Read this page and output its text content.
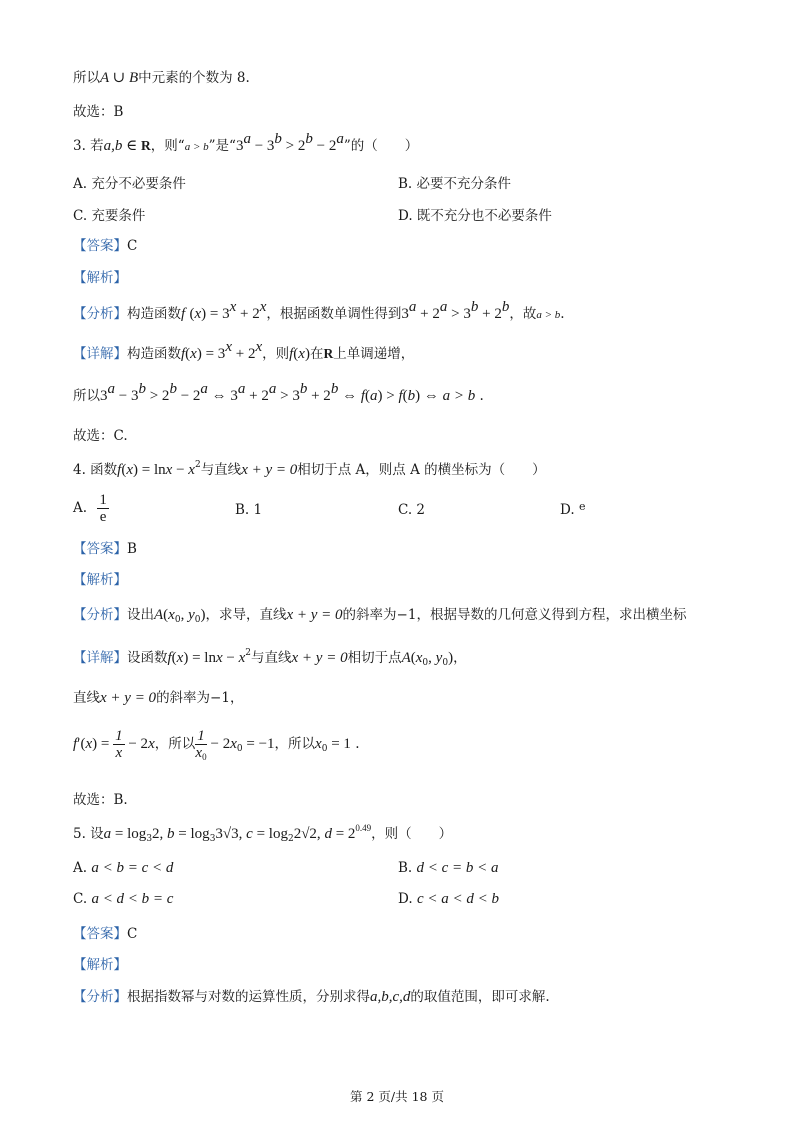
所以A ∪ B中元素的个数为 8.
故选：B
3. 若a,b ∈ R，则“a > b”是“$3^a - 3^b > 2^b - 2^a$”的（　　）
A. 充分不必要条件	B. 必要不充分条件
C. 充要条件	D. 既不充分也不必要条件
【答案】C
【解析】
【分析】构造函数f $(x) = 3^x + 2^x$，根据函数单调性得到$3^a + 2^a > 3^b + 2^b$，故a > b.
【详解】构造函数$f(x) = 3^x + 2^x$，则f(x)在R上单调递增，
所以$3^a - 3^b > 2^b - 2^a$ ⇔ $3^a + 2^a > 3^b + 2^b$ ⇔ f(a) > f(b) ⇔ a > b .
故选：C.
4. 函数$f(x) = \ln x - x^2$与直线x + y = 0相切于点 A，则点 A 的横坐标为（　　）
A. $\frac{1}{e}$	B. 1	C. 2	D. $^e$
【答案】B
【解析】
【分析】设出$A(x_0$, $y_0$)，求导，直线x + y = 0的斜率为−1，根据导数的几何意义得到方程，求出横坐标
【详解】设函数$f(x) = \ln x - x^2$与直线x + y = 0相切于点$A(x_0$, $y_0$)，
直线x + y = 0的斜率为−1，
$f'(x) = \frac{1}{x} - 2x$，所以 $\frac{1}{x_0} - 2x_0 = -1$，所以$x_0 = 1$ .
故选：B.
5. 设$a = \log_32$, $b = \log_33√3$, $c = \log_22√2$, $d = 2^{0.49}$，则（　　）
A. a < b = c < d	B. d < c = b < a
C. a < d < b = c	D. c < a < d < b
【答案】C
【解析】
【分析】根据指数幂与对数的运算性质，分别求得a,b,c,d的取值范围，即可求解.
第 2 页/共 18 页
